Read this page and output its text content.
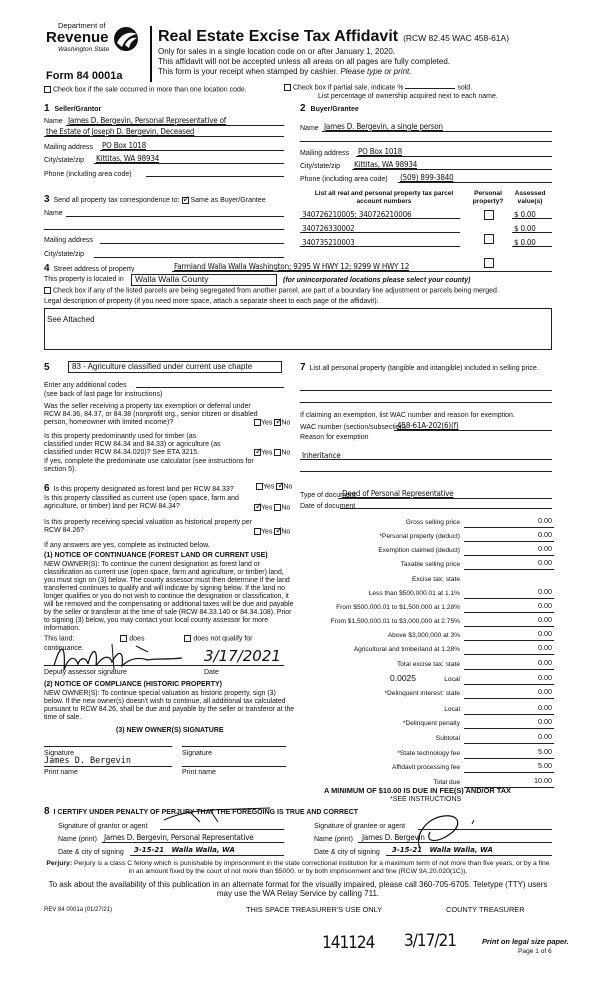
Department of
Revenue
Washington State
Form 84 0001a
Real Estate Excise Tax Affidavit (RCW 82.45 WAC 458-61A)
Only for sales in a single location code on or after January 1, 2020.
This affidavit will not be accepted unless all areas on all pages are fully completed.
This form is your receipt when stamped by cashier. Please type or print.
Check box if the sale occurred in more than one location code.	Check box if partial sale, indicate %	sold.
List percentage of ownership acquired next to each name.
1 Seller/Grantor
Name James D. Bergevin, Personal Representative of
the Estate of Joseph D. Bergevin, Deceased
Mailing address PO Box 1018
City/state/zip Kittitas, WA 98934
Phone (including area code)
2 Buyer/Grantee
Name James D. Bergevin, a single person
Mailing address PO Box 1018
City/state/zip Kittitas, WA 98934
Phone (including area code) (509) 899-3840
3 Send all property tax correspondence to: ✓ Same as Buyer/Grantee
Name
Mailing address
City/state/zip
List all real and personal property tax parcel account numbers
Personal property?
Assessed value(s)
340726210005; 340726210006	$ 0.00
340726330002	$ 0.00
340735210003	$ 0.00
4 Street address of property	Farmland Walla Walla Washington; 9295 W HWY 12; 9299 W HWY 12
This property is located in	Walla Walla County	(for unincorporated locations please select your county)
Check box if any of the listed parcels are being segregated from another parcel, are part of a boundary line adjustment or parcels being merged.
Legal description of property (if you need more space, attach a separate sheet to each page of the affidavit).
See Attached
5	83 - Agriculture classified under current use chapte
Enter any additional codes
(see back of last page for instructions)
Was the seller receiving a property tax exemption or deferral under RCW 84.36, 84.37, or 84.38 (nonprofit org., senior citizen or disabled person, homeowner with limited income)?	Yes ✓ No
Is this property predominantly used for timber (as classified under RCW 84.34 and 84.33) or agriculture (as classified under RCW 84.34.020)? See ETA 3215. ✓	Yes No
If yes, complete the predominate use calculator (see instructions for section 5).
6 Is this property designated as forest land per RCW 84.33?	Yes ✓ No
Is this property classified as current use (open space, farm and agriculture, or timber) land per RCW 84.34? ✓	Yes No
Is this property receiving special valuation as historical property per RCW 84.26?	Yes ✓ No
If any answers are yes, complete as instructed below.
(1) NOTICE OF CONTINUANCE (FOREST LAND OR CURRENT USE)
NEW OWNER(S): To continue the current designation as forest land or classification as current use (open space, farm and agriculture, or timber) land, you must sign on (3) below. The county assessor must then determine if the land transferred continues to qualify and will indicate by signing below. If the land no longer qualifies or you do not wish to continue the designation or classification, it will be removed and the compensating or additional taxes will be due and payable by the seller or transferor at the time of sale (RCW 84.33.140 or 84.34.108). Prior to signing (3) below, you may contact your local county assessor for more information.
This land:	does	does not qualify for
continuance.	3/17/2021
Deputy assessor signature	Date
(2) NOTICE OF COMPLIANCE (HISTORIC PROPERTY)
NEW OWNER(S): To continue special valuation as historic property, sign (3) below. If the new owner(s) doesn't wish to continue, all additional tax calculated pursuant to RCW 84.26, shall be due and payable by the seller or transferor at the time of sale.
(3) NEW OWNER(S) SIGNATURE
Signature	Signature
James D. Bergevin
Print name	Print name
7 List all personal property (tangible and intangible) included in selling price.
If claiming an exemption, list WAC number and reason for exemption.
WAC number (section/subsection)
458-61A-202(6)(f)
Reason for exemption
Inheritance
Type of document
Deed of Personal Representative
Date of document
Gross selling price	0.00
*Personal property (deduct)	0.00
Exemption claimed (deduct)	0.00
Taxable selling price	0.00
Excise tax: state
Less than $500,000.01 at 1.1%	0.00
From $500,000.01 to $1,500,000 at 1.28%	0.00
From $1,500,000.01 to $3,000,000 at 2.75%	0.00
Above $3,000,000 at 3%	0.00
Agricultural and timberland at 1.28%	0.00
Total excise tax: state	0.00
0.0025	Local	0.00
*Delinquent interest: state	0.00
Local	0.00
*Delinquent penalty	0.00
Subtotal	0.00
*State technology fee	5.00
Affidavit processing fee	5.00
Total due	10.00
A MINIMUM OF $10.00 IS DUE IN FEE(S) AND/OR TAX
*SEE INSTRUCTIONS
8 I CERTIFY UNDER PENALTY OF PERJURY THAT THE FOREGOING IS TRUE AND CORRECT
Signature of grantor or agent
Name (print) James D. Bergevin, Personal Representative
Date & city of signing 3-15-21   Walla Walla, WA
Signature of grantee or agent
Name (print) James D. Bergevin
Date & city of signing 3-15-21   Walla Walla, WA
Perjury: Perjury is a class C felony which is punishable by imprisonment in the state correctional institution for a maximum term of not more than five years, or by a fine in an amount fixed by the court of not more than $5000, or by both imprisonment and fine (RCW 9A.20.020(1C)).
To ask about the availability of this publication in an alternate format for the visually impaired, please call 360-705-6705. Teletype (TTY) users may use the WA Relay Service by calling 711.
REV 84 0001a (01/27/21)	THIS SPACE TREASURER'S USE ONLY	COUNTY TREASURER
141124 3/17/21	Print on legal size paper.
Page 1 of 6
